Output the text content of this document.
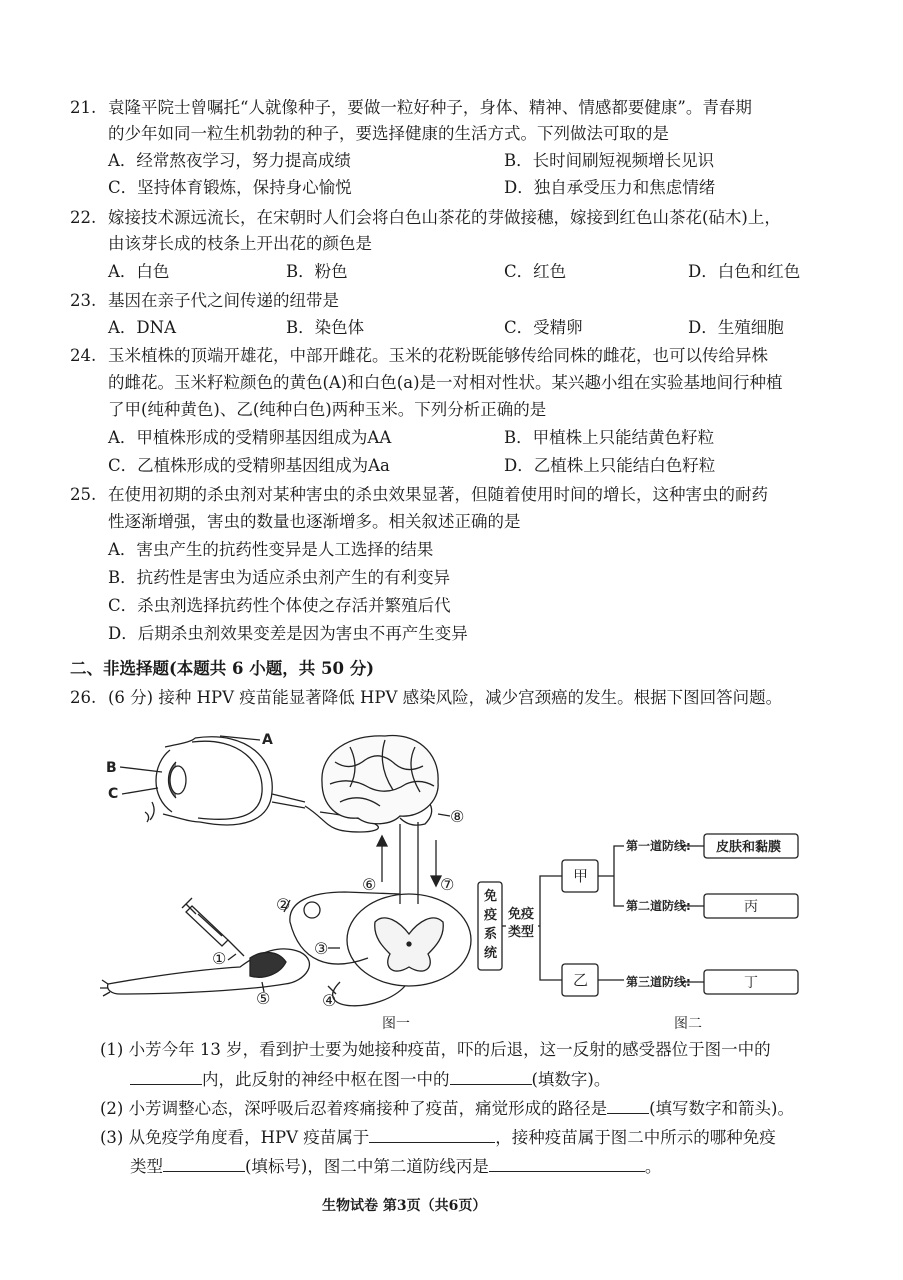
21. 袁隆平院士曾嘱托“人就像种子，要做一粒好种子，身体、精神、情感都要健康”。青春期
的少年如同一粒生机勃勃的种子，要选择健康的生活方式。下列做法可取的是
A．经常熬夜学习，努力提高成绩	B．长时间刷短视频增长见识
C．坚持体育锻炼，保持身心愉悦	D．独自承受压力和焦虑情绪
22. 嫁接技术源远流长，在宋朝时人们会将白色山茶花的芽做接穗，嫁接到红色山茶花(砧木)上，
由该芽长成的枝条上开出花的颜色是
A．白色	B．粉色	C．红色	D．白色和红色
23. 基因在亲子代之间传递的纽带是
A．DNA	B．染色体	C．受精卵	D．生殖细胞
24. 玉米植株的顶端开雄花，中部开雌花。玉米的花粉既能够传给同株的雌花，也可以传给异株
的雌花。玉米籽粒颜色的黄色(A)和白色(a)是一对相对性状。某兴趣小组在实验基地间行种植
了甲(纯种黄色)、乙(纯种白色)两种玉米。下列分析正确的是
A．甲植株形成的受精卵基因组成为AA	B．甲植株上只能结黄色籽粒
C．乙植株形成的受精卵基因组成为Aa	D．乙植株上只能结白色籽粒
25. 在使用初期的杀虫剂对某种害虫的杀虫效果显著，但随着使用时间的增长，这种害虫的耐药
性逐渐增强，害虫的数量也逐渐增多。相关叙述正确的是
A．害虫产生的抗药性变异是人工选择的结果
B．抗药性是害虫为适应杀虫剂产生的有利变异
C．杀虫剂选择抗药性个体使之存活并繁殖后代
D．后期杀虫剂效果变差是因为害虫不再产生变异
二、非选择题(本题共 6 小题，共 50 分)
26. (6 分) 接种 HPV 疫苗能显著降低 HPV 感染风险，减少宫颈癌的发生。根据下图回答问题。
A
B
C
①
②
③
④
⑤
⑥	⑦
⑧
图一
免
疫
系
统
免疫
类型
甲
乙
第一道防线:
第二道防线:
第三道防线:
皮肤和黏膜
丙
丁
图二
(1) 小芳今年 13 岁，看到护士要为她接种疫苗，吓的后退，这一反射的感受器位于图一中的
内，此反射的神经中枢在图一中的	(填数字)。
(2) 小芳调整心态，深呼吸后忍着疼痛接种了疫苗，痛觉形成的路径是	(填写数字和箭头)。
(3) 从免疫学角度看，HPV 疫苗属于	，接种疫苗属于图二中所示的哪种免疫
类型	(填标号)，图二中第二道防线丙是	。
生物试卷 第3页（共6页）
